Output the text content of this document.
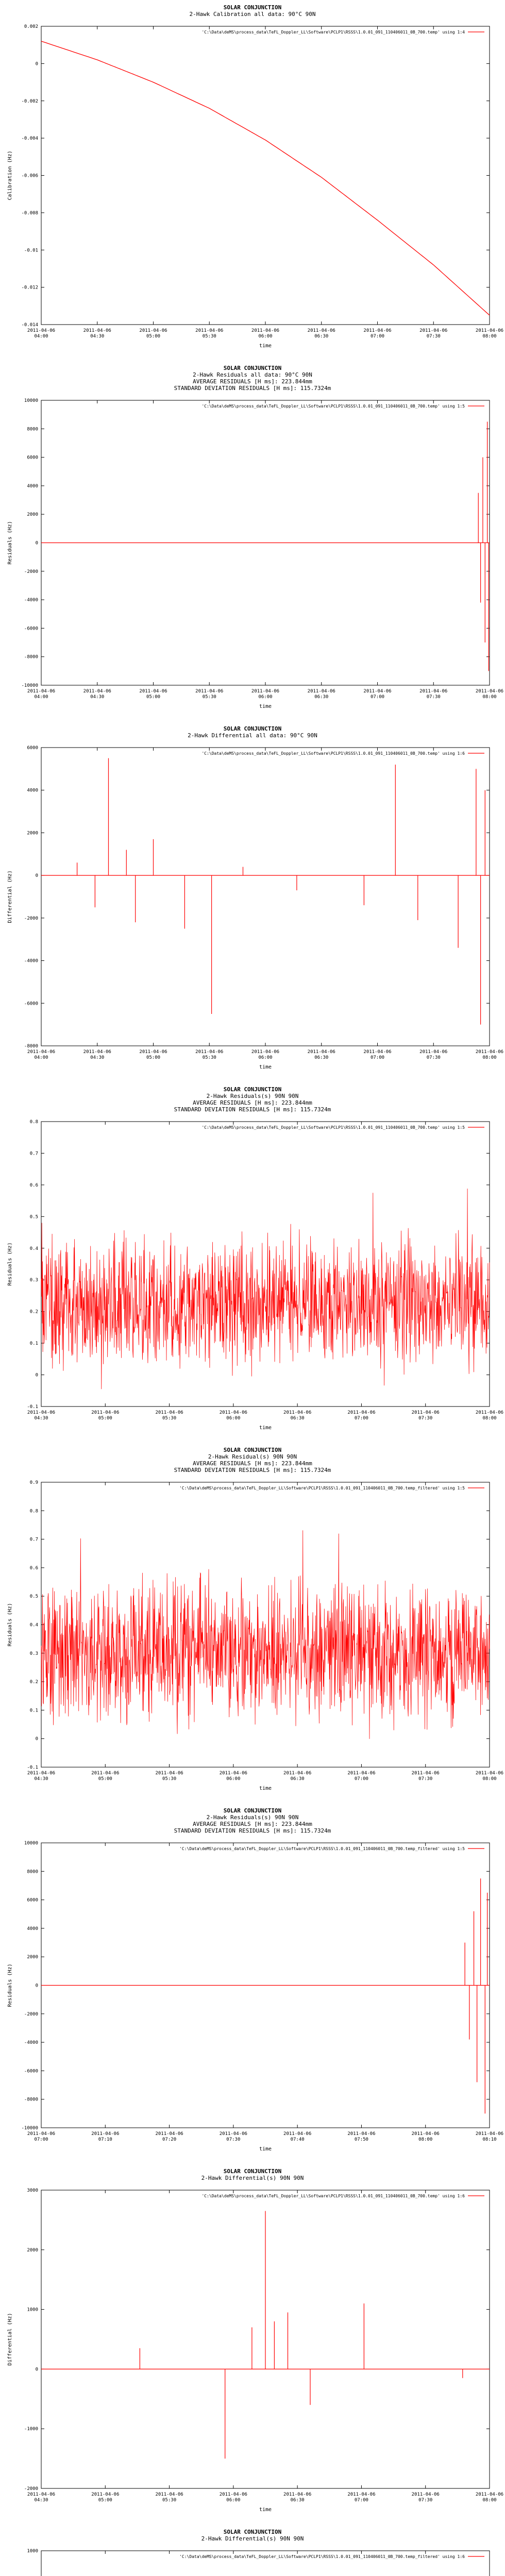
SOLAR CONJUNCTION
2-Hawk Calibration all data: 90°C 90N
0.002
0
-0.002
-0.004
-0.006
-0.008
-0.01
-0.012
-0.014
2011-04-06 04:00
2011-04-06 04:30
2011-04-06 05:00
2011-04-06 05:30
2011-04-06 06:00
2011-04-06 06:30
2011-04-06 07:00
2011-04-06 07:30
2011-04-06 08:00
Calibration (Hz)
time
'C:\Data\deMS\process_data\TeFL_Doppler_LL\Software\PCLP1\RSSS\1.0.01_091_110406011_0B_700.temp' using 1:4
SOLAR CONJUNCTION
2-Hawk Residuals all data: 90°C 90N
AVERAGE RESIDUALS [H ms]: 223.844mm
STANDARD DEVIATION RESIDUALS [H ms]: 115.7324m
10000
8000
6000
4000
2000
0
-2000
-4000
-6000
-8000
-10000
2011-04-06 04:00
2011-04-06 04:30
2011-04-06 05:00
2011-04-06 05:30
2011-04-06 06:00
2011-04-06 06:30
2011-04-06 07:00
2011-04-06 07:30
2011-04-06 08:00
Residuals (Hz)
time
'C:\Data\deMS\process_data\TeFL_Doppler_LL\Software\PCLP1\RSSS\1.0.01_091_110406011_0B_700.temp' using 1:5
SOLAR CONJUNCTION
2-Hawk Differential all data: 90°C 90N
6000
4000
2000
0
-2000
-4000
-6000
-8000
2011-04-06 04:00
2011-04-06 04:30
2011-04-06 05:00
2011-04-06 05:30
2011-04-06 06:00
2011-04-06 06:30
2011-04-06 07:00
2011-04-06 07:30
2011-04-06 08:00
Differential (Hz)
time
'C:\Data\deMS\process_data\TeFL_Doppler_LL\Software\PCLP1\RSSS\1.0.01_091_110406011_0B_700.temp' using 1:6
SOLAR CONJUNCTION
2-Hawk Residuals(s) 90N 90N
AVERAGE RESIDUALS [H ms]: 223.844mm
STANDARD DEVIATION RESIDUALS [H ms]: 115.7324m
0.8
0.7
0.6
0.5
0.4
0.3
0.2
0.1
0
-0.1
2011-04-06 04:30
2011-04-06 05:00
2011-04-06 05:30
2011-04-06 06:00
2011-04-06 06:30
2011-04-06 07:00
2011-04-06 07:30
2011-04-06 08:00
Residuals (Hz)
time
'C:\Data\deMS\process_data\TeFL_Doppler_LL\Software\PCLP1\RSSS\1.0.01_091_110406011_0B_700.temp' using 1:5
SOLAR CONJUNCTION
2-Hawk Residual(s) 90N 90N
AVERAGE RESIDUALS [H ms]: 223.844mm
STANDARD DEVIATION RESIDUALS [H ms]: 115.7324m
0.9
0.8
0.7
0.6
0.5
0.4
0.3
0.2
0.1
0
-0.1
2011-04-06 04:30
2011-04-06 05:00
2011-04-06 05:30
2011-04-06 06:00
2011-04-06 06:30
2011-04-06 07:00
2011-04-06 07:30
2011-04-06 08:00
Residuals (Hz)
time
'C:\Data\deMS\process_data\TeFL_Doppler_LL\Software\PCLP1\RSSS\1.0.01_091_110406011_0B_700.temp_filtered' using 1:5
SOLAR CONJUNCTION
2-Hawk Residuals(s) 90N 90N
AVERAGE RESIDUALS [H ms]: 223.844mm
STANDARD DEVIATION RESIDUALS [H ms]: 115.7324m
10000
8000
6000
4000
2000
0
-2000
-4000
-6000
-8000
-10000
2011-04-06 07:00
2011-04-06 07:10
2011-04-06 07:20
2011-04-06 07:30
2011-04-06 07:40
2011-04-06 07:50
2011-04-06 08:00
2011-04-06 08:10
Residuals (Hz)
time
'C:\Data\deMS\process_data\TeFL_Doppler_LL\Software\PCLP1\RSSS\1.0.01_091_110406011_0B_700.temp_filtered' using 1:5
SOLAR CONJUNCTION
2-Hawk Differential(s) 90N 90N
3000
2000
1000
0
-1000
-2000
2011-04-06 04:30
2011-04-06 05:00
2011-04-06 05:30
2011-04-06 06:00
2011-04-06 06:30
2011-04-06 07:00
2011-04-06 07:30
2011-04-06 08:00
Differential (Hz)
time
'C:\Data\deMS\process_data\TeFL_Doppler_LL\Software\PCLP1\RSSS\1.0.01_091_110406011_0B_700.temp' using 1:6
SOLAR CONJUNCTION
2-Hawk Differential(s) 90N 90N
1000
'C:\Data\deMS\process_data\TeFL_Doppler_LL\Software\PCLP1\RSSS\1.0.01_091_110406011_0B_700.temp_filtered' using 1:6
